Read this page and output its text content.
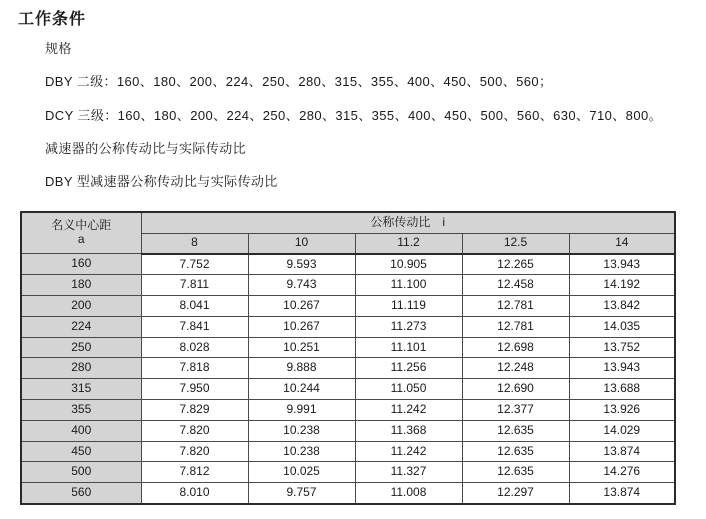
工作条件
规格
DBY 二级：160、180、200、224、250、280、315、355、400、450、500、560；
DCY 三级：160、180、200、224、250、280、315、355、400、450、500、560、630、710、800。
减速器的公称传动比与实际传动比
DBY 型减速器公称传动比与实际传动比
名义中心距
a	公称传动比　i				
	8	10	11.2	12.5	14
160	7.752	9.593	10.905	12.265	13.943
180	7.811	9.743	11.100	12.458	14.192
200	8.041	10.267	11.119	12.781	13.842
224	7.841	10.267	11.273	12.781	14.035
250	8.028	10.251	11.101	12.698	13.752
280	7.818	9.888	11.256	12.248	13.943
315	7.950	10.244	11.050	12.690	13.688
355	7.829	9.991	11.242	12.377	13.926
400	7.820	10.238	11.368	12.635	14.029
450	7.820	10.238	11.242	12.635	13.874
500	7.812	10.025	11.327	12.635	14.276
560	8.010	9.757	11.008	12.297	13.874
